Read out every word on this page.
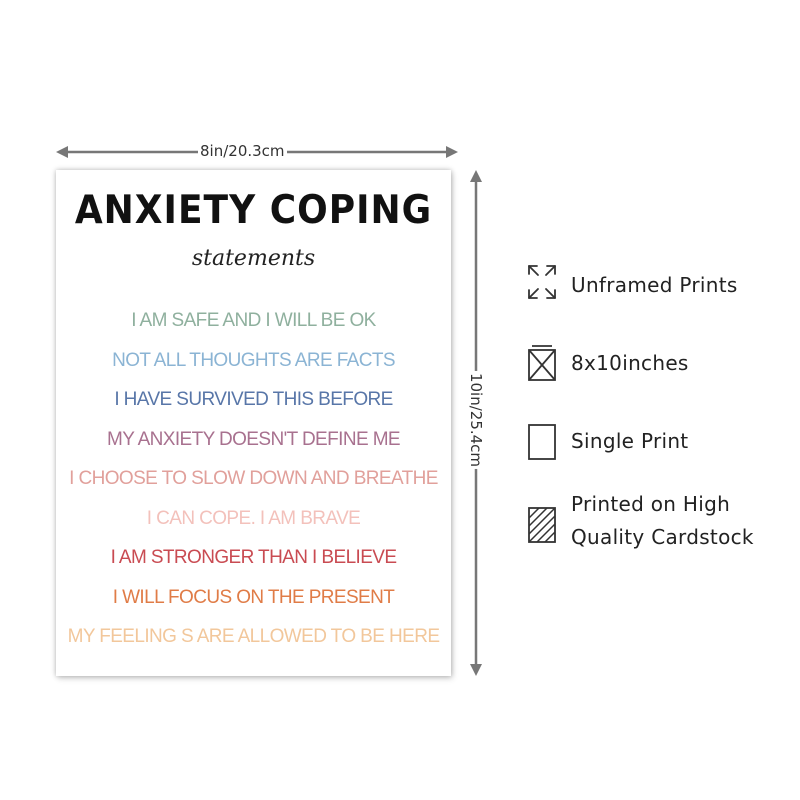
8in/20.3cm
10in/25.4cm
ANXIETY COPING
statements
I AM SAFE AND I WILL BE OK
NOT ALL THOUGHTS ARE FACTS
I HAVE SURVIVED THIS BEFORE
MY ANXIETY DOESN'T DEFINE ME
I CHOOSE TO SLOW DOWN AND BREATHE
I CAN COPE. I AM BRAVE
I AM STRONGER THAN I BELIEVE
I WILL FOCUS ON THE PRESENT
MY FEELING S ARE ALLOWED TO BE HERE
Unframed Prints
8x10inches
Single Print
Printed on High
Quality Cardstock
